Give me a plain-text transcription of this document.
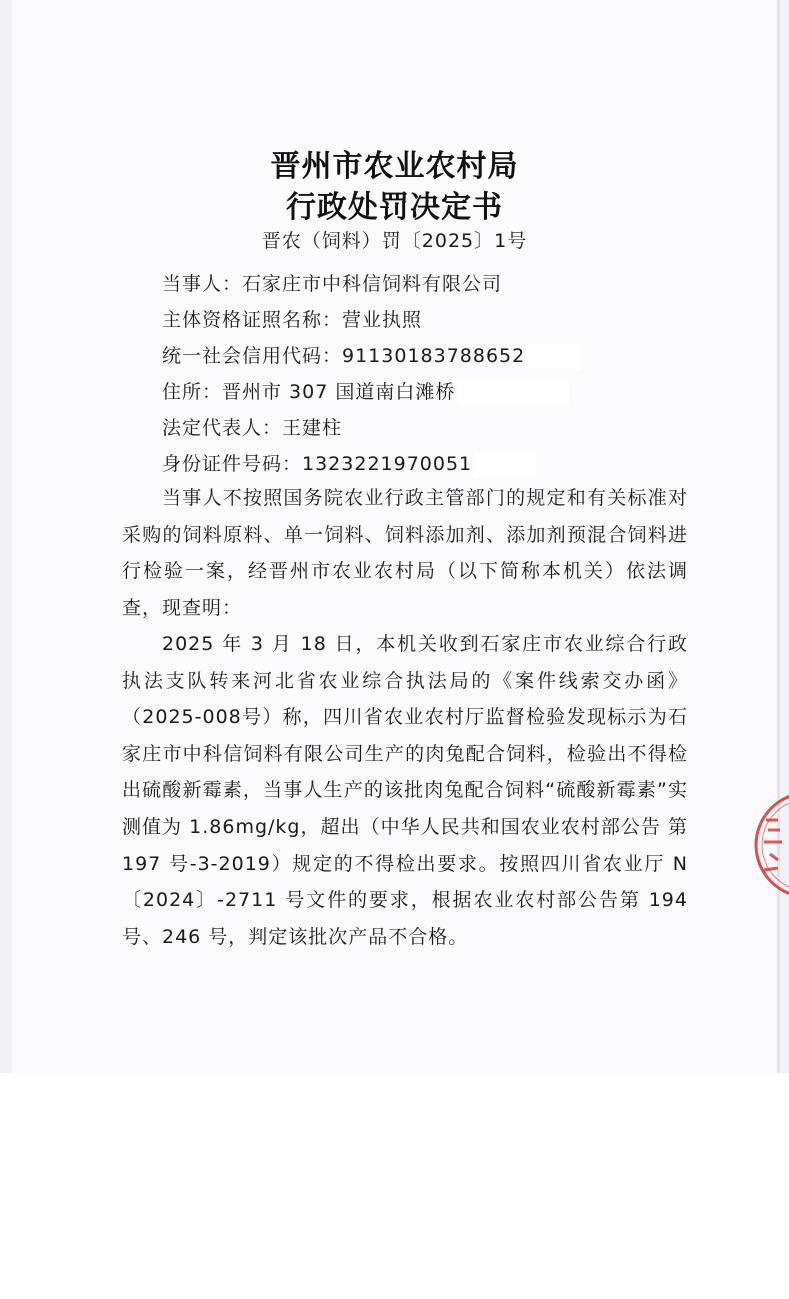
晋州市农业农村局
行政处罚决定书
晋农（饲料）罚〔2025〕1号
当事人：石家庄市中科信饲料有限公司
主体资格证照名称：营业执照
统一社会信用代码：91130183788652
住所：晋州市 307 国道南白滩桥
法定代表人：王建柱
身份证件号码：1323221970051

当事人不按照国务院农业行政主管部门的规定和有关标准对采购的饲料原料、单一饲料、饲料添加剂、添加剂预混合饲料进行检验一案，经晋州市农业农村局（以下简称本机关）依法调查，现查明：

2025 年 3 月 18 日，本机关收到石家庄市农业综合行政执法支队转来河北省农业综合执法局的《案件线索交办函》（2025-008号）称，四川省农业农村厅监督检验发现标示为石家庄市中科信饲料有限公司生产的肉兔配合饲料，检验出不得检出硫酸新霉素，当事人生产的该批肉兔配合饲料“硫酸新霉素”实测值为 1.86mg/kg，超出（中华人民共和国农业农村部公告 第 197 号-3-2019）规定的不得检出要求。按照四川省农业厅 N〔2024〕-2711 号文件的要求，根据农业农村部公告第 194 号、246 号，判定该批次产品不合格。
